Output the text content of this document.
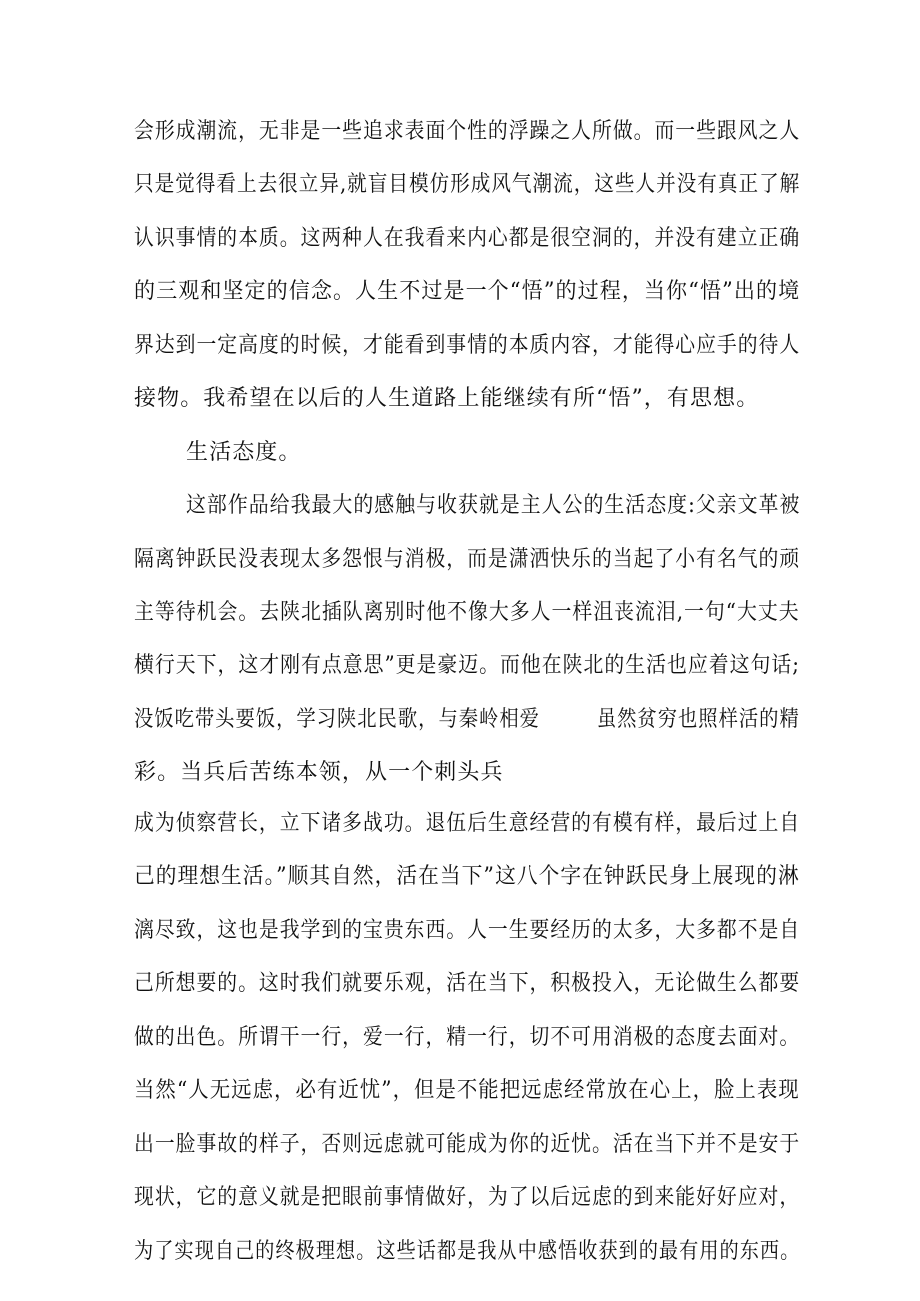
会形成潮流，无非是一些追求表面个性的浮躁之人所做。而一些跟风之人
只是觉得看上去很立异,就盲目模仿形成风气潮流，这些人并没有真正了解
认识事情的本质。这两种人在我看来内心都是很空洞的，并没有建立正确
的三观和坚定的信念。人生不过是一个“悟”的过程，当你“悟”出的境
界达到一定高度的时候，才能看到事情的本质内容，才能得心应手的待人
接物。我希望在以后的人生道路上能继续有所“悟”，有思想。
生活态度。
这部作品给我最大的感触与收获就是主人公的生活态度:父亲文革被
隔离钟跃民没表现太多怨恨与消极，而是潇洒快乐的当起了小有名气的顽
主等待机会。去陕北插队离别时他不像大多人一样沮丧流泪,一句“大丈夫
横行天下，这才刚有点意思”更是豪迈。而他在陕北的生活也应着这句话;
没饭吃带头要饭，学习陕北民歌，与秦岭相爱        虽然贫穷也照样活的精
彩。当兵后苦练本领，从一个刺头兵
成为侦察营长，立下诸多战功。退伍后生意经营的有模有样，最后过上自
己的理想生活。”顺其自然，活在当下”这八个字在钟跃民身上展现的淋
漓尽致，这也是我学到的宝贵东西。人一生要经历的太多，大多都不是自
己所想要的。这时我们就要乐观，活在当下，积极投入，无论做生么都要
做的出色。所谓干一行，爱一行，精一行，切不可用消极的态度去面对。
当然“人无远虑，必有近忧”，但是不能把远虑经常放在心上，脸上表现
出一脸事故的样子，否则远虑就可能成为你的近忧。活在当下并不是安于
现状，它的意义就是把眼前事情做好，为了以后远虑的到来能好好应对，
为了实现自己的终极理想。这些话都是我从中感悟收获到的最有用的东西。
